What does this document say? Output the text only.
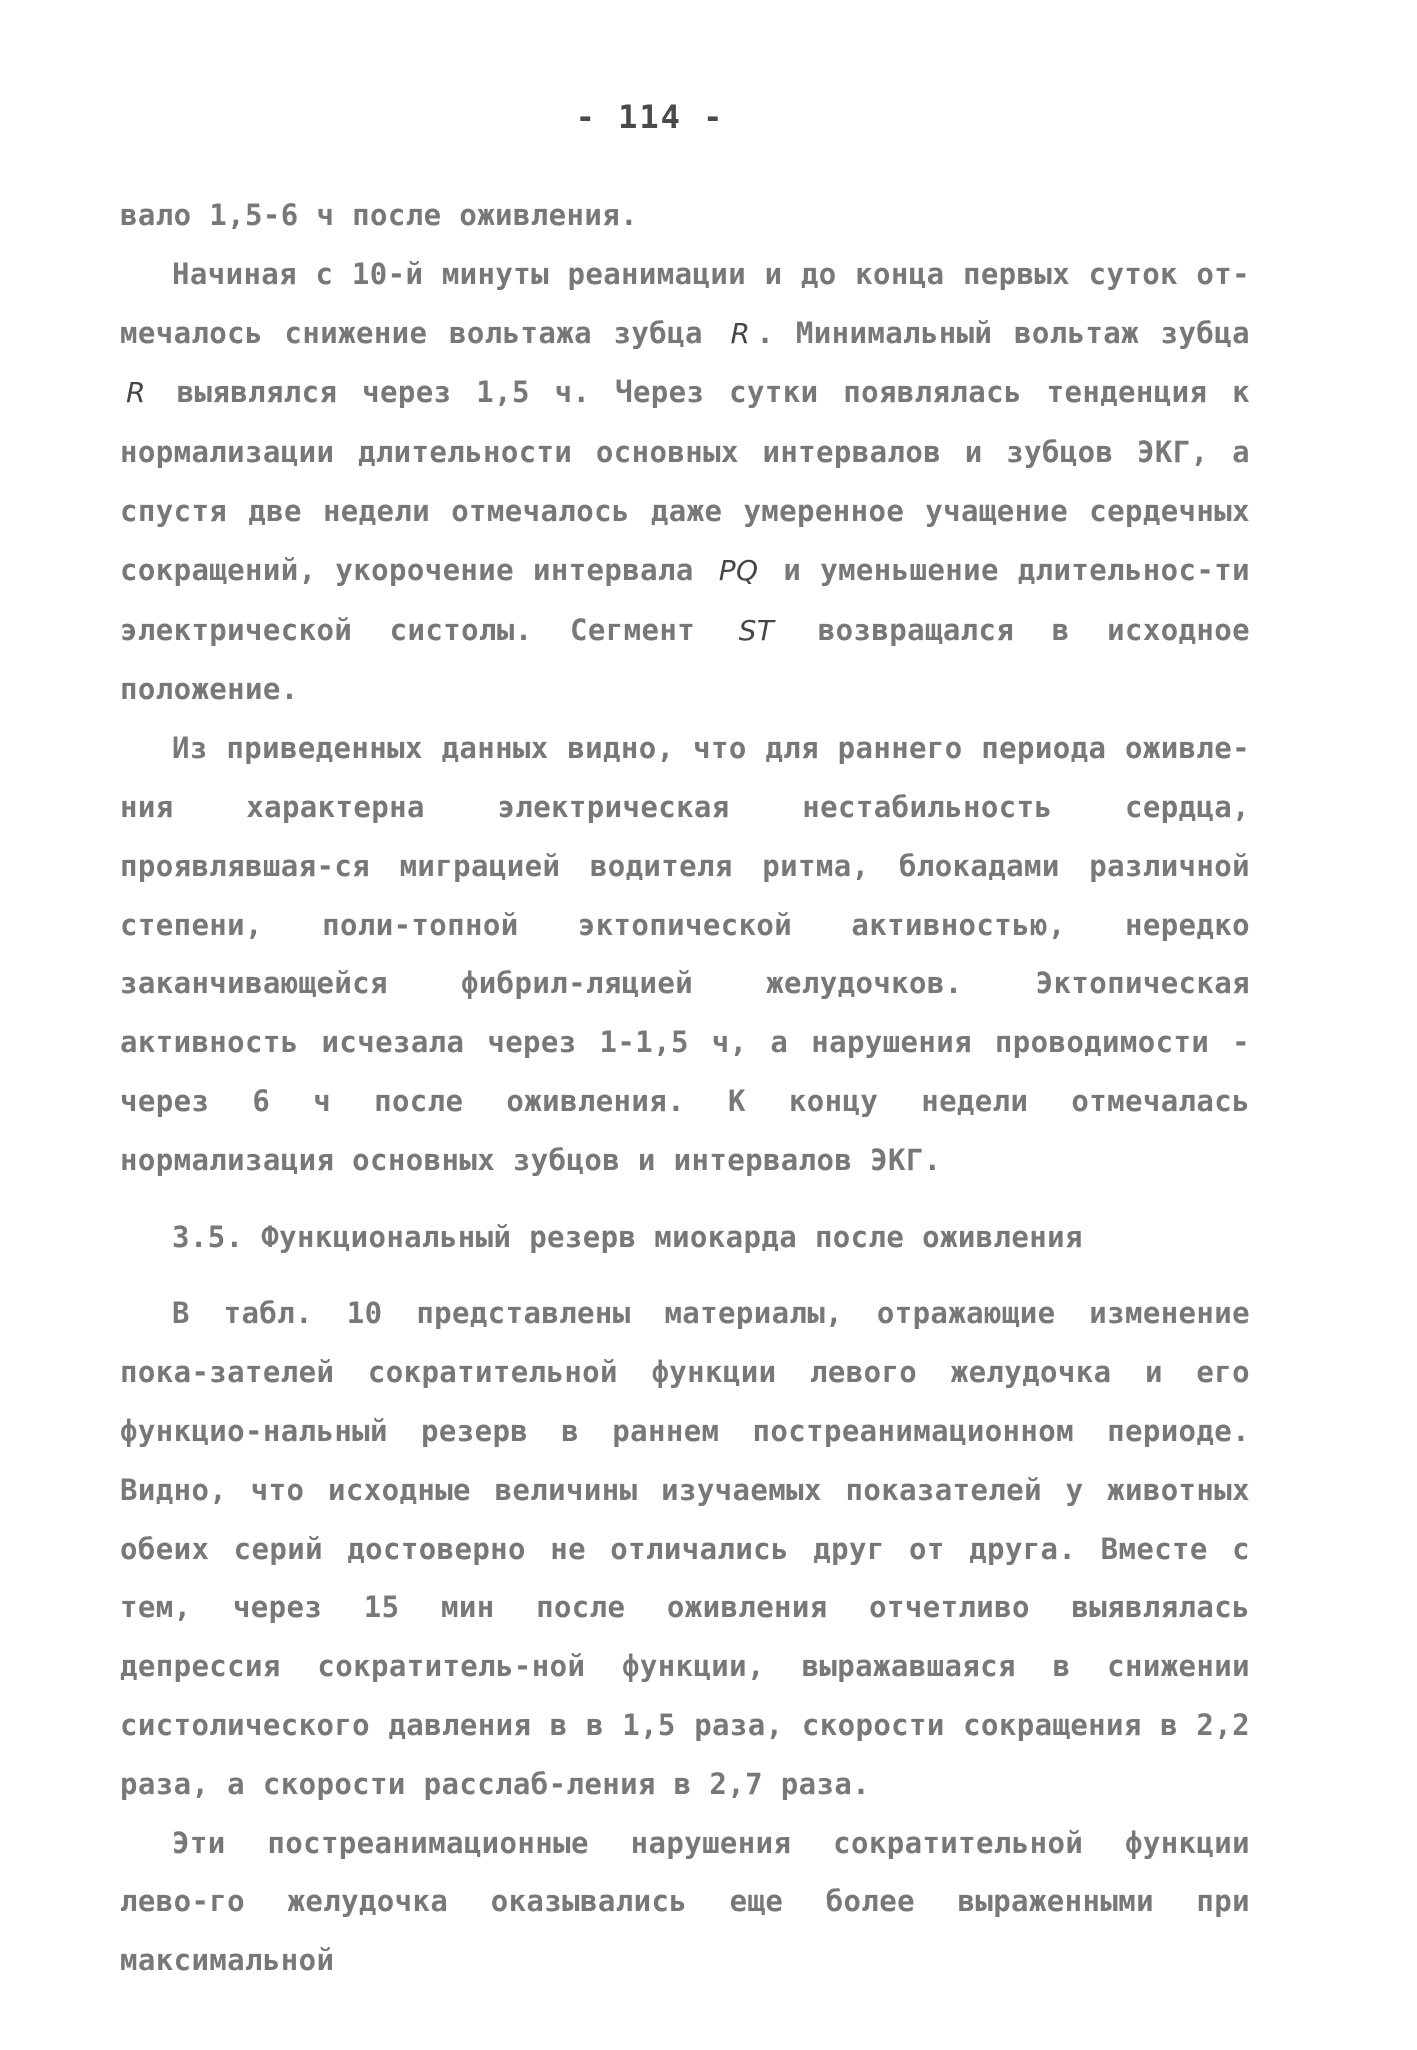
- 114 -

вало 1,5-6 ч после оживления.

Начиная с 10-й минуты реанимации и до конца первых суток от-мечалось снижение вольтажа зубца R . Минимальный вольтаж зубца R выявлялся через 1,5 ч. Через сутки появлялась тенденция к нормализации длительности основных интервалов и зубцов ЭКГ, а спустя две недели отмечалось даже умеренное учащение сердечных сокращений, укорочение интервала PQ и уменьшение длительнос-ти электрической систолы. Сегмент ST возвращался в исходное положение.

Из приведенных данных видно, что для раннего периода оживле-ния характерна электрическая нестабильность сердца, проявлявшая-ся миграцией водителя ритма, блокадами различной степени, поли-топной эктопической активностью, нередко заканчивающейся фибрил-ляцией желудочков. Эктопическая активность исчезала через 1-1,5 ч, а нарушения проводимости - через 6 ч после оживления. К концу недели отмечалась нормализация основных зубцов и интервалов ЭКГ.

3.5. Функциональный резерв миокарда после оживления

В табл. 10 представлены материалы, отражающие изменение пока-зателей сократительной функции левого желудочка и его функцио-нальный резерв в раннем постреанимационном периоде. Видно, что исходные величины изучаемых показателей у животных обеих серий достоверно не отличались друг от друга. Вместе с тем, через 15 мин после оживления отчетливо выявлялась депрессия сократитель-ной функции, выражавшаяся в снижении систолического давления в в 1,5 раза, скорости сокращения в 2,2 раза, а скорости расслаб-ления в 2,7 раза.

Эти постреанимационные нарушения сократительной функции лево-го желудочка оказывались еще более выраженными при максимальной
